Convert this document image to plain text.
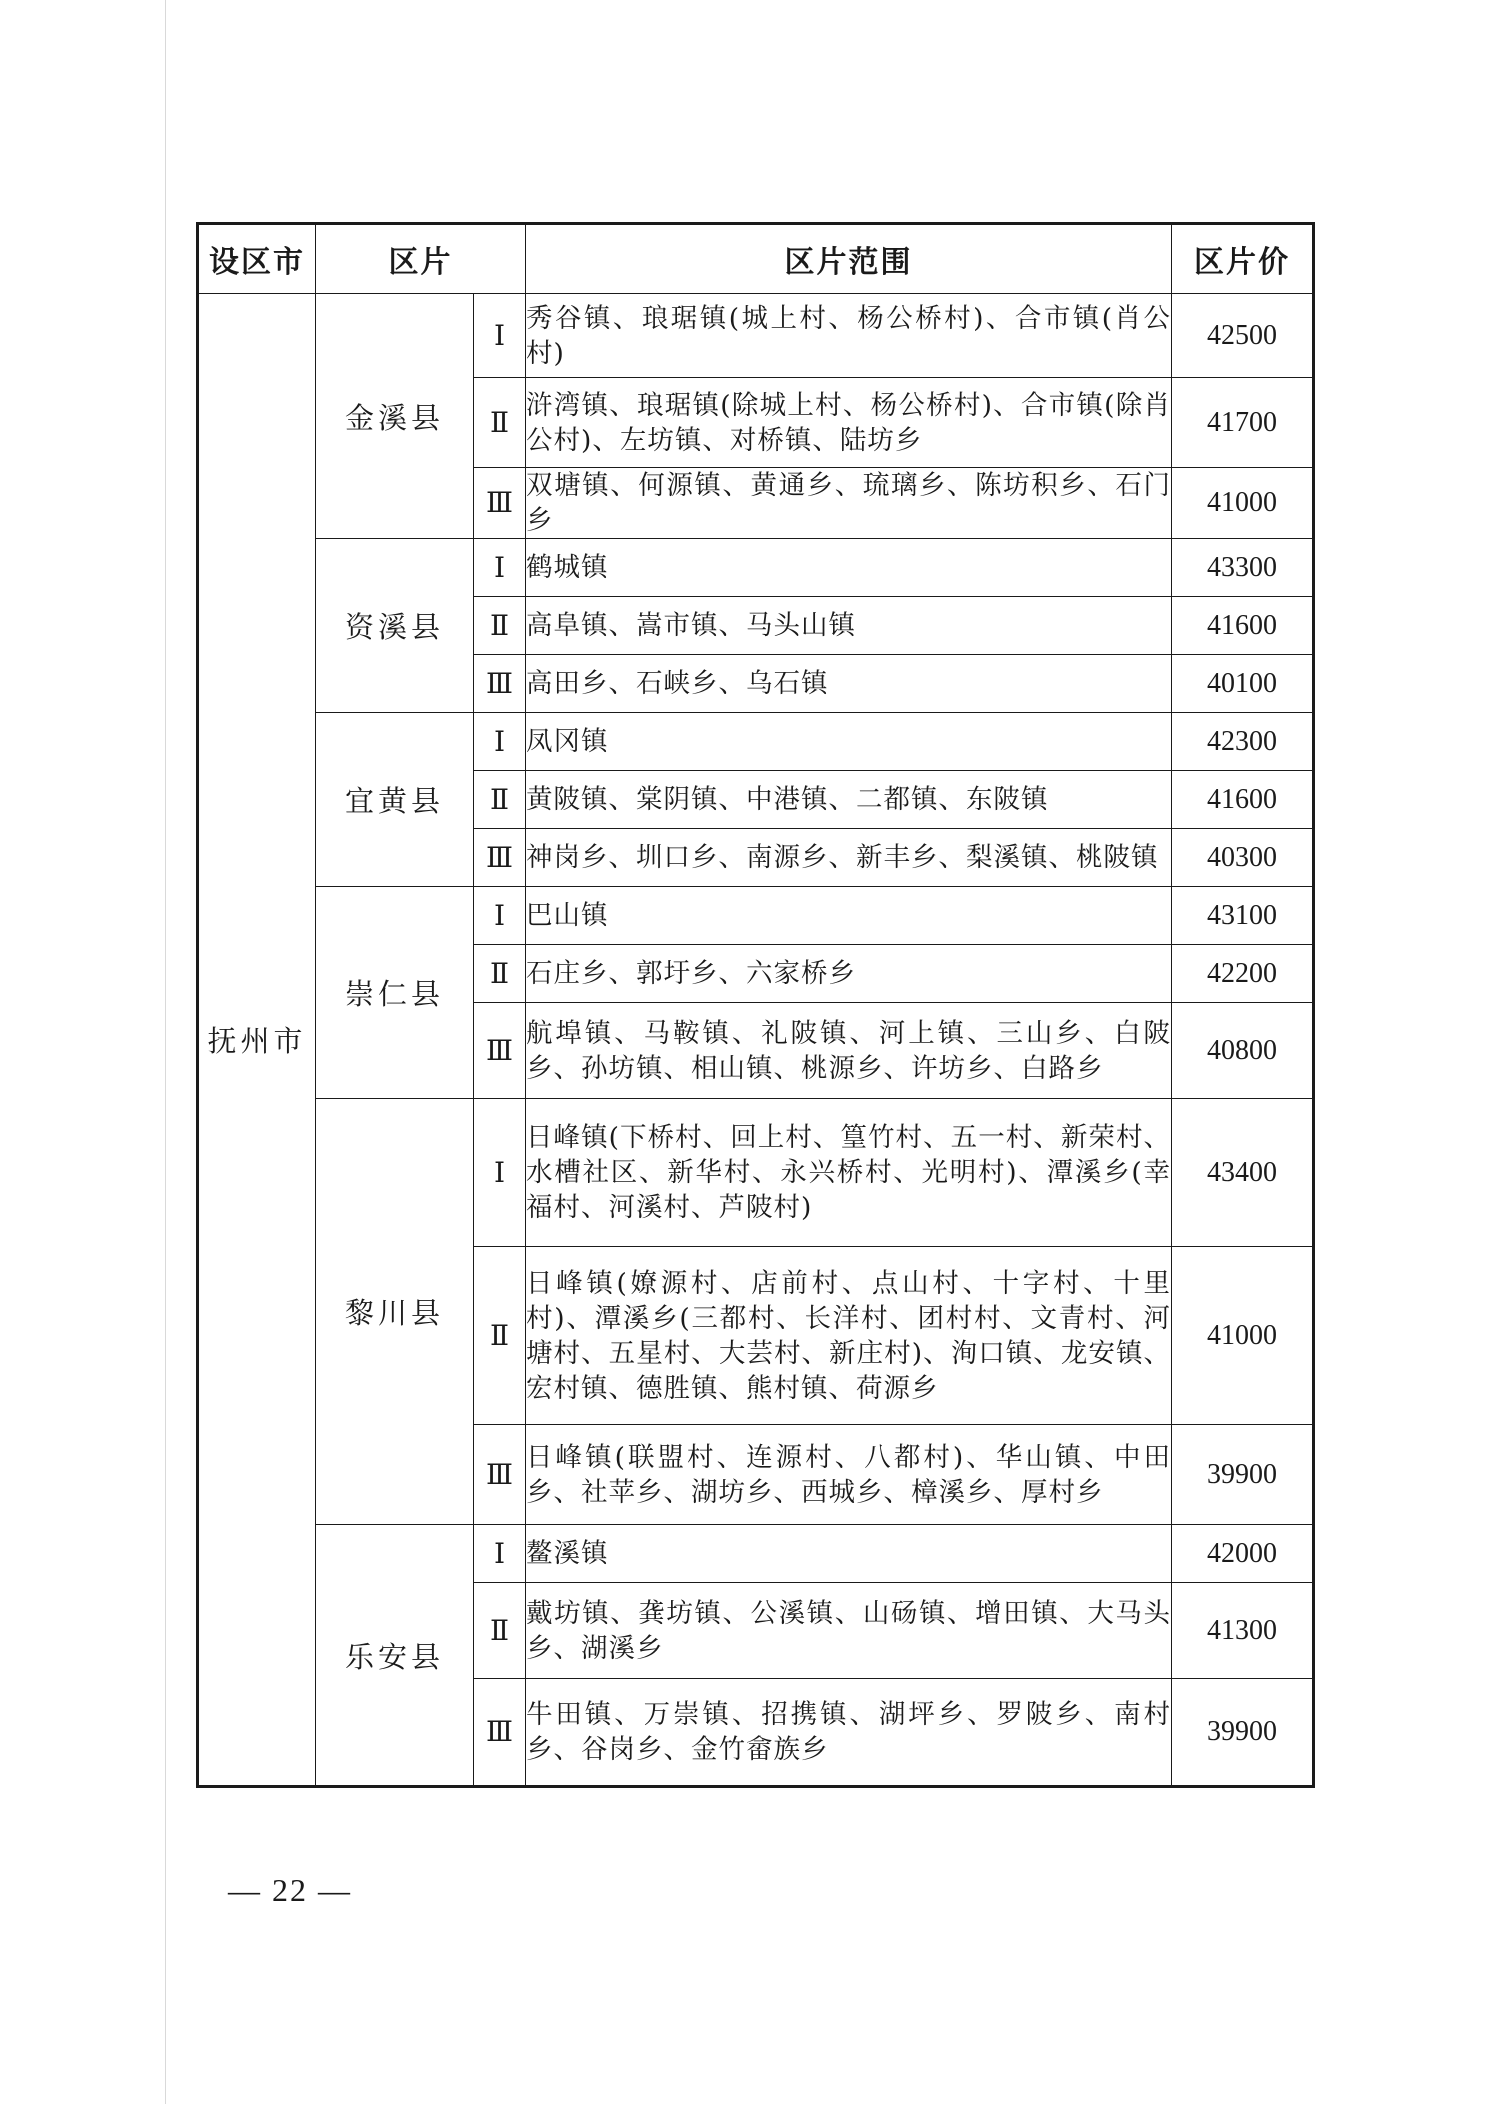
设区市	区片		区片范围	区片价
抚州市	金溪县	Ⅰ	秀谷镇、琅琚镇(城上村、杨公桥村)、合市镇(肖公村)	42500
		Ⅱ	浒湾镇、琅琚镇(除城上村、杨公桥村)、合市镇(除肖公村)、左坊镇、对桥镇、陆坊乡	41700
		Ⅲ	双塘镇、何源镇、黄通乡、琉璃乡、陈坊积乡、石门乡	41000
	资溪县	Ⅰ	鹤城镇	43300
		Ⅱ	高阜镇、嵩市镇、马头山镇	41600
		Ⅲ	高田乡、石峡乡、乌石镇	40100
	宜黄县	Ⅰ	凤冈镇	42300
		Ⅱ	黄陂镇、棠阴镇、中港镇、二都镇、东陂镇	41600
		Ⅲ	神岗乡、圳口乡、南源乡、新丰乡、梨溪镇、桃陂镇	40300
	崇仁县	Ⅰ	巴山镇	43100
		Ⅱ	石庄乡、郭圩乡、六家桥乡	42200
		Ⅲ	航埠镇、马鞍镇、礼陂镇、河上镇、三山乡、白陂乡、孙坊镇、相山镇、桃源乡、许坊乡、白路乡	40800
	黎川县	Ⅰ	日峰镇(下桥村、回上村、篁竹村、五一村、新荣村、水槽社区、新华村、永兴桥村、光明村)、潭溪乡(幸福村、河溪村、芦陂村)	43400
		Ⅱ	日峰镇(嫽源村、店前村、点山村、十字村、十里村)、潭溪乡(三都村、长洋村、团村村、文青村、河塘村、五星村、大芸村、新庄村)、洵口镇、龙安镇、宏村镇、德胜镇、熊村镇、荷源乡	41000
		Ⅲ	日峰镇(联盟村、连源村、八都村)、华山镇、中田乡、社苹乡、湖坊乡、西城乡、樟溪乡、厚村乡	39900
	乐安县	Ⅰ	鳌溪镇	42000
		Ⅱ	戴坊镇、龚坊镇、公溪镇、山砀镇、增田镇、大马头乡、湖溪乡	41300
		Ⅲ	牛田镇、万崇镇、招携镇、湖坪乡、罗陂乡、南村乡、谷岗乡、金竹畲族乡	39900
— 22 —
